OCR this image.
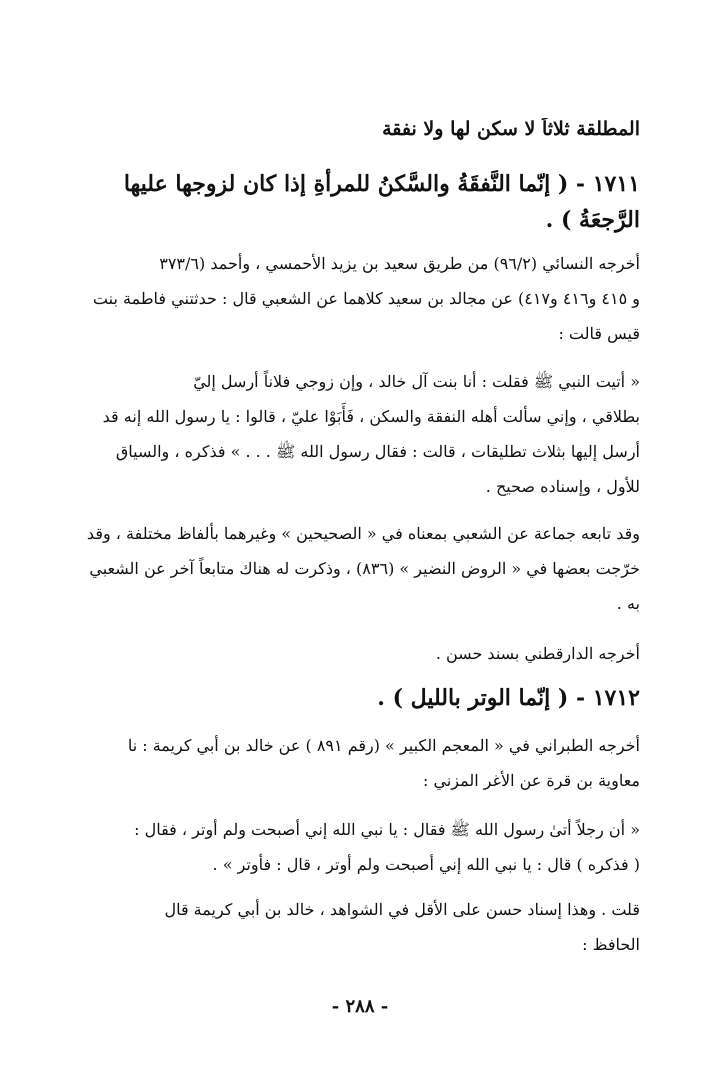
المطلقة ثلاثاً لا سكن لها ولا نفقة
١٧١١ - ( إنّما النَّفقَةُ والسَّكنُ للمرأةِ إذا كان لزوجها عليها
الرَّجعَةُ ) .
أخرجه النسائي (٩٦/٢) من طريق سعيد بن يزيد الأحمسي ، وأحمد (٣٧٣/٦
و ٤١٥ و٤١٦ و٤١٧) عن مجالد بن سعيد كلاهما عن الشعبي قال : حدثتني فاطمة بنت
قيس قالت :
« أتيت النبي ﷺ فقلت : أنا بنت آل خالد ، وإن زوجي فلاناً أرسل إليّ
بطلاقي ، وإني سألت أهله النفقة والسكن ، فَأَبَوْا عليّ ، قالوا : يا رسول الله إنه قد
أرسل إليها بثلاث تطليقات ، قالت : فقال رسول الله ﷺ . . . » فذكره ، والسياق
للأول ، وإسناده صحيح .
وقد تابعه جماعة عن الشعبي بمعناه في « الصحيحين » وغيرهما بألفاظ مختلفة ، وقد
خرّجت بعضها في « الروض النضير » (٨٣٦) ، وذكرت له هناك متابعاً آخر عن الشعبي
به .
أخرجه الدارقطني بسند حسن .
١٧١٢ - ( إنّما الوتر بالليل ) .
أخرجه الطبراني في « المعجم الكبير » (رقم ٨٩١ ) عن خالد بن أبي كريمة : نا
معاوية بن قرة عن الأغر المزني :
« أن رجلاً أتىٰ رسول الله ﷺ فقال : يا نبي الله إني أصبحت ولم أوتر ، فقال :
( فذكره ) قال : يا نبي الله إني أصبحت ولم أوتر ، قال : فأوتر » .
قلت . وهذا إسناد حسن على الأقل في الشواهد ، خالد بن أبي كريمة قال
الحافظ :
- ٢٨٨ -
